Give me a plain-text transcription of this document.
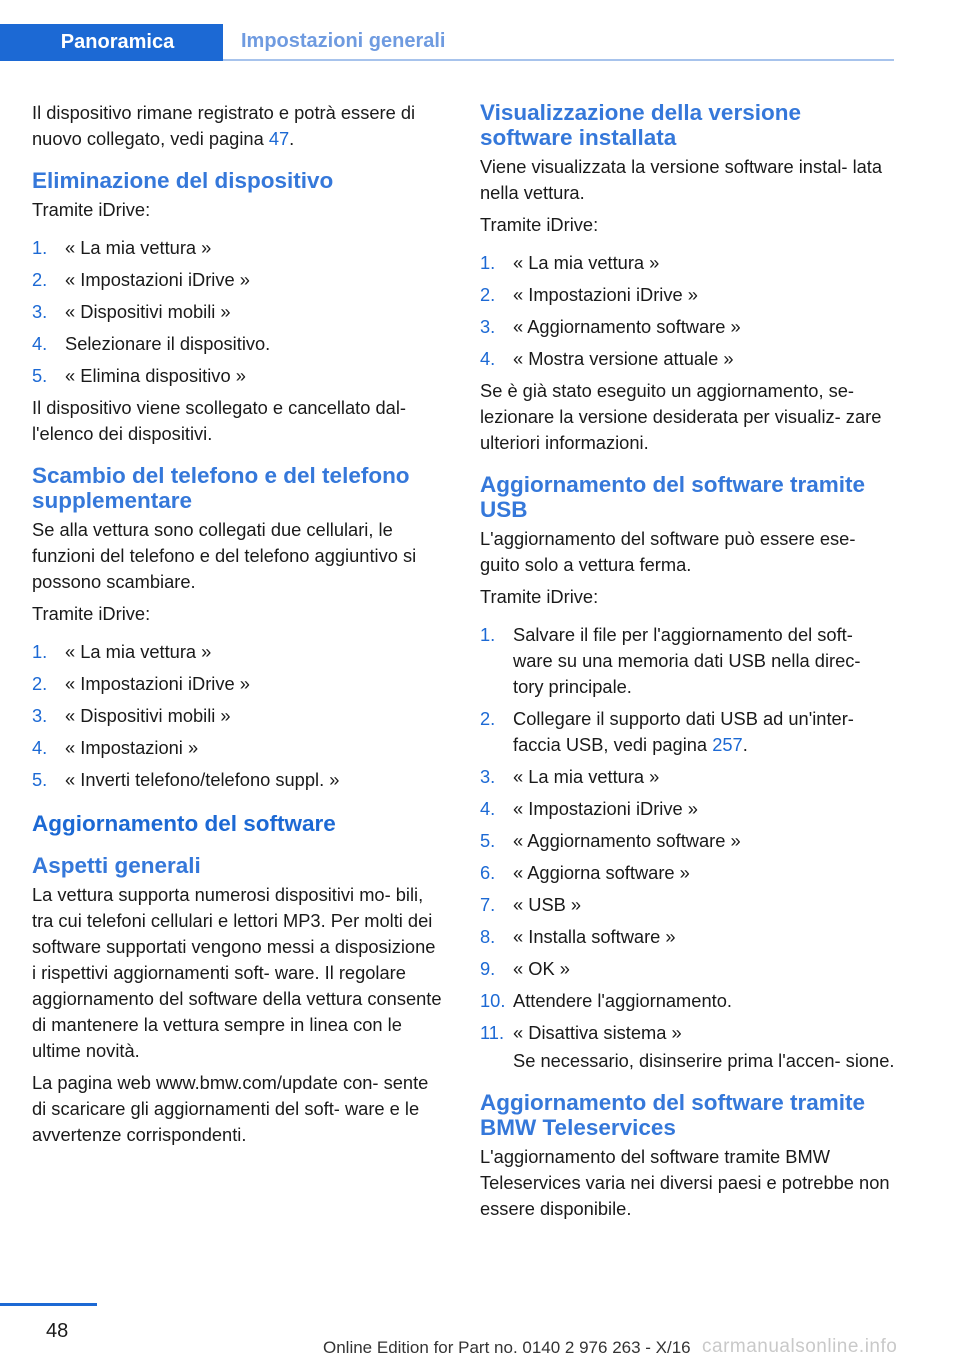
Panoramica	Impostazioni generali

Il dispositivo rimane registrato e potrà essere di nuovo collegato, vedi pagina 47.

Eliminazione del dispositivo

Tramite iDrive:

1. « La mia vettura »
2. « Impostazioni iDrive »
3. « Dispositivi mobili »
4. Selezionare il dispositivo.
5. « Elimina dispositivo »

Il dispositivo viene scollegato e cancellato dal- l'elenco dei dispositivi.

Scambio del telefono e del telefono supplementare

Se alla vettura sono collegati due cellulari, le funzioni del telefono e del telefono aggiuntivo si possono scambiare.

Tramite iDrive:

1. « La mia vettura »
2. « Impostazioni iDrive »
3. « Dispositivi mobili »
4. « Impostazioni »
5. « Inverti telefono/telefono suppl. »
Aggiornamento del software
Aspetti generali

La vettura supporta numerosi dispositivi mo- bili, tra cui telefoni cellulari e lettori MP3. Per molti dei software supportati vengono messi a disposizione i rispettivi aggiornamenti soft- ware. Il regolare aggiornamento del software della vettura consente di mantenere la vettura sempre in linea con le ultime novità.

La pagina web www.bmw.com/update con- sente di scaricare gli aggiornamenti del soft- ware e le avvertenze corrispondenti.

Visualizzazione della versione software installata

Viene visualizzata la versione software instal- lata nella vettura.

Tramite iDrive:

1. « La mia vettura »
2. « Impostazioni iDrive »
3. « Aggiornamento software »
4. « Mostra versione attuale »

Se è già stato eseguito un aggiornamento, se- lezionare la versione desiderata per visualiz- zare ulteriori informazioni.

Aggiornamento del software tramite USB

L'aggiornamento del software può essere ese- guito solo a vettura ferma.

Tramite iDrive:

1. Salvare il file per l'aggiornamento del soft- ware su una memoria dati USB nella direc- tory principale.
2. Collegare il supporto dati USB ad un'inter- faccia USB, vedi pagina 257.
3. « La mia vettura »
4. « Impostazioni iDrive »
5. « Aggiornamento software »
6. « Aggiorna software »
7. « USB »
8. « Installa software »
9. « OK »
10. Attendere l'aggiornamento.
11. « Disattiva sistema »

Se necessario, disinserire prima l'accen- sione.

Aggiornamento del software tramite BMW Teleservices

L'aggiornamento del software tramite BMW Teleservices varia nei diversi paesi e potrebbe non essere disponibile.

48
Online Edition for Part no. 0140 2 976 263 - X/16 carmanualsonline.info
